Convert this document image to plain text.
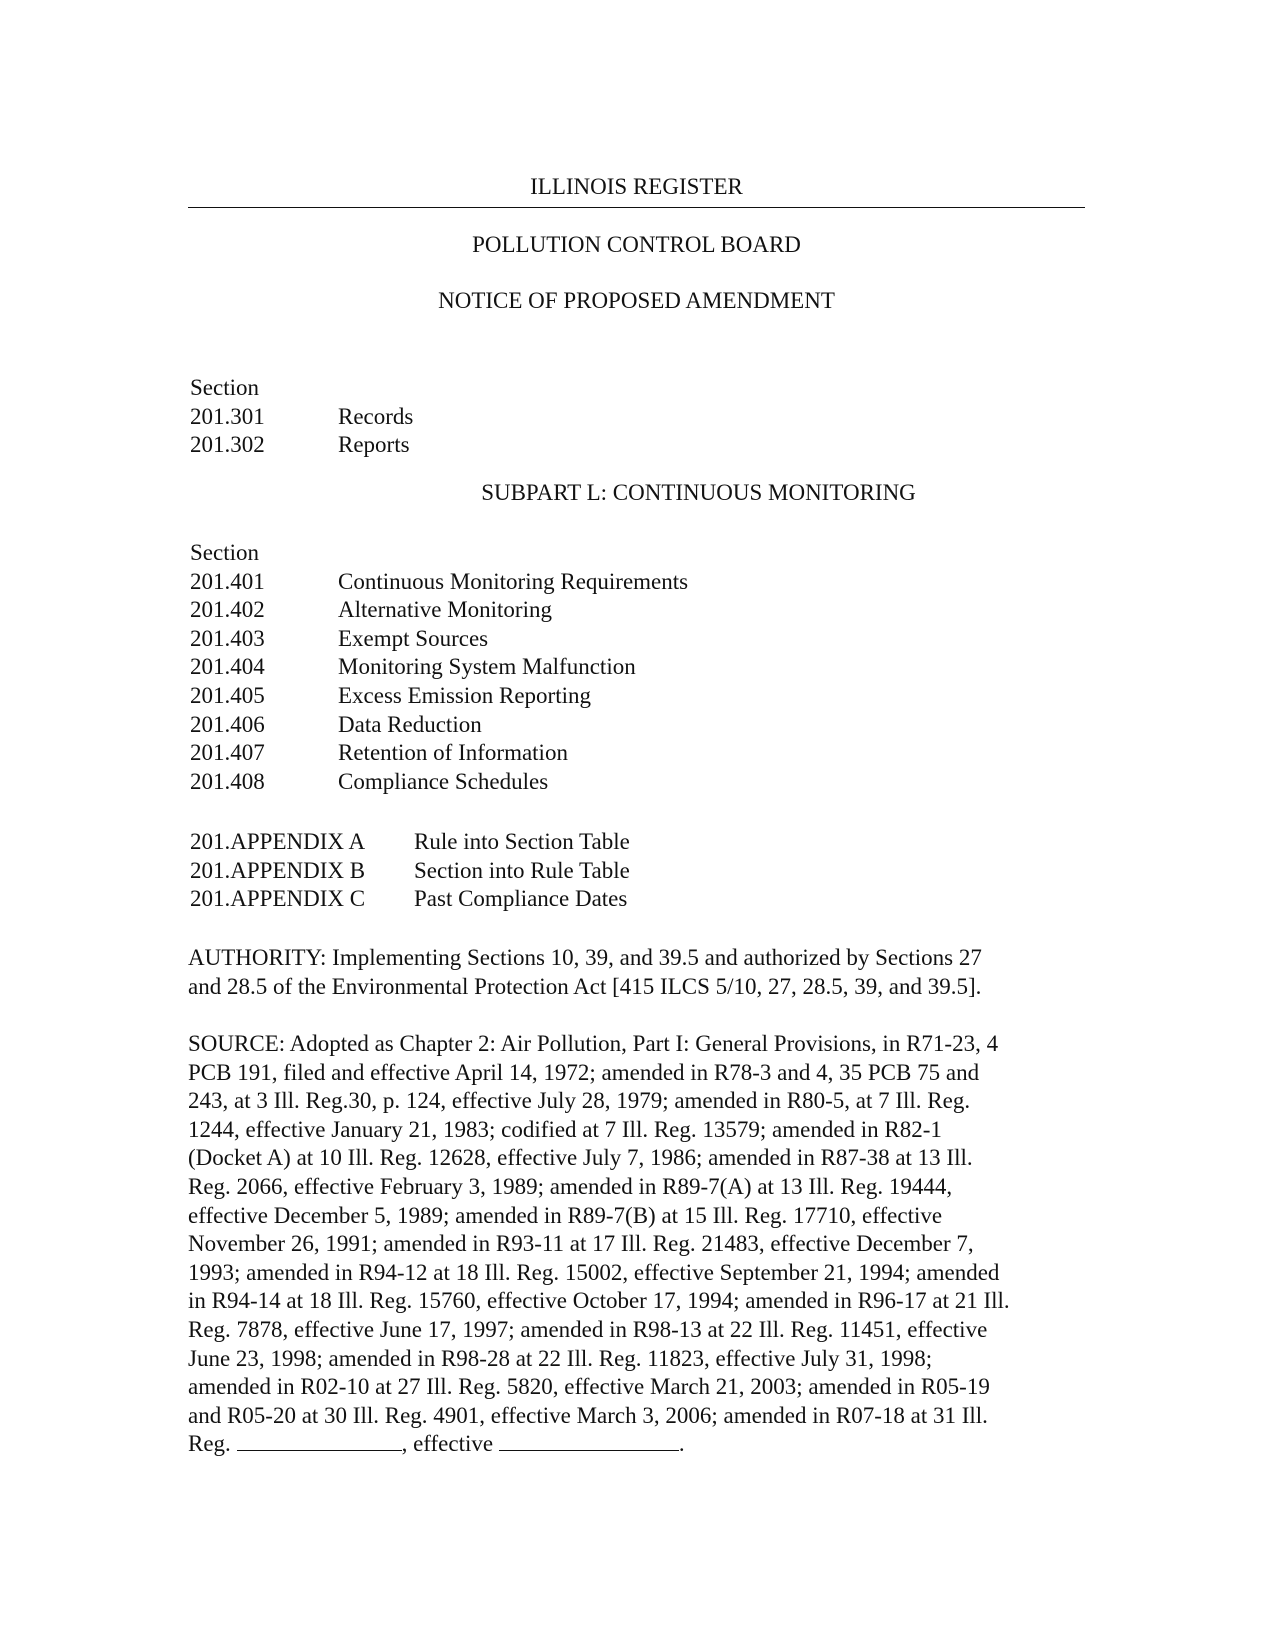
ILLINOIS REGISTER
POLLUTION CONTROL BOARD
NOTICE OF PROPOSED AMENDMENT
Section
201.301	Records
201.302	Reports
SUBPART L: CONTINUOUS MONITORING
Section
201.401	Continuous Monitoring Requirements
201.402	Alternative Monitoring
201.403	Exempt Sources
201.404	Monitoring System Malfunction
201.405	Excess Emission Reporting
201.406	Data Reduction
201.407	Retention of Information
201.408	Compliance Schedules
201.APPENDIX A	Rule into Section Table
201.APPENDIX B	Section into Rule Table
201.APPENDIX C	Past Compliance Dates
AUTHORITY: Implementing Sections 10, 39, and 39.5 and authorized by Sections 27
and 28.5 of the Environmental Protection Act [415 ILCS 5/10, 27, 28.5, 39, and 39.5].
SOURCE: Adopted as Chapter 2: Air Pollution, Part I: General Provisions, in R71-23, 4
PCB 191, filed and effective April 14, 1972; amended in R78-3 and 4, 35 PCB 75 and
243, at 3 Ill. Reg.30, p. 124, effective July 28, 1979; amended in R80-5, at 7 Ill. Reg.
1244, effective January 21, 1983; codified at 7 Ill. Reg. 13579; amended in R82-1
(Docket A) at 10 Ill. Reg. 12628, effective July 7, 1986; amended in R87-38 at 13 Ill.
Reg. 2066, effective February 3, 1989; amended in R89-7(A) at 13 Ill. Reg. 19444,
effective December 5, 1989; amended in R89-7(B) at 15 Ill. Reg. 17710, effective
November 26, 1991; amended in R93-11 at 17 Ill. Reg. 21483, effective December 7,
1993; amended in R94-12 at 18 Ill. Reg. 15002, effective September 21, 1994; amended
in R94-14 at 18 Ill. Reg. 15760, effective October 17, 1994; amended in R96-17 at 21 Ill.
Reg. 7878, effective June 17, 1997; amended in R98-13 at 22 Ill. Reg. 11451, effective
June 23, 1998; amended in R98-28 at 22 Ill. Reg. 11823, effective July 31, 1998;
amended in R02-10 at 27 Ill. Reg. 5820, effective March 21, 2003; amended in R05-19
and R05-20 at 30 Ill. Reg. 4901, effective March 3, 2006; amended in R07-18 at 31 Ill.
Reg.	, effective	.
